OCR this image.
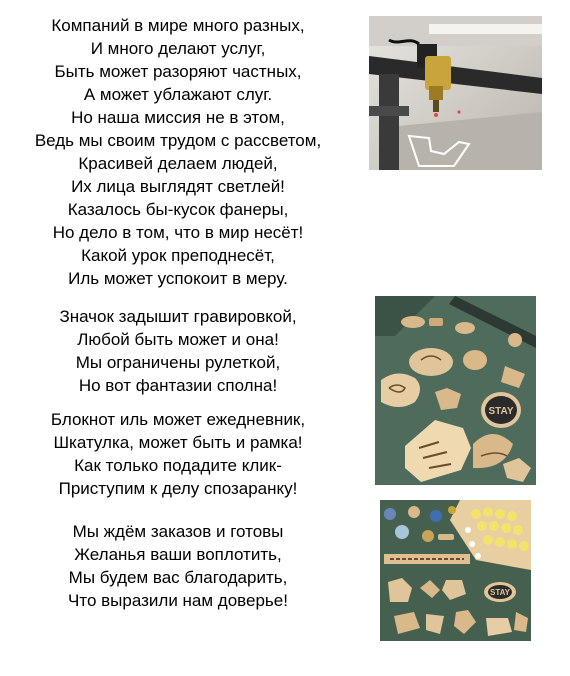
Компаний в мире много разных,
И много делают услуг,
Быть может разоряют частных,
А может ублажают слуг.
Но наша миссия не в этом,
Ведь мы своим трудом с рассветом,
Красивей делаем людей,
Их лица выглядят светлей!
Казалось бы-кусок фанеры,
Но дело в том, что в мир несёт!
Какой урок преподнесёт,
Иль может успокоит в меру.
Значок задышит гравировкой,
Любой быть может и она!
Мы ограничены рулеткой,
Но вот фантазии сполна!
Блокнот иль может ежедневник,
Шкатулка, может быть и рамка!
Как только подадите клик-
Приступим к делу спозаранку!
Мы ждём заказов и готовы
Желанья ваши воплотить,
Мы будем вас благодарить,
Что выразили нам доверье!
STAY
STAY
